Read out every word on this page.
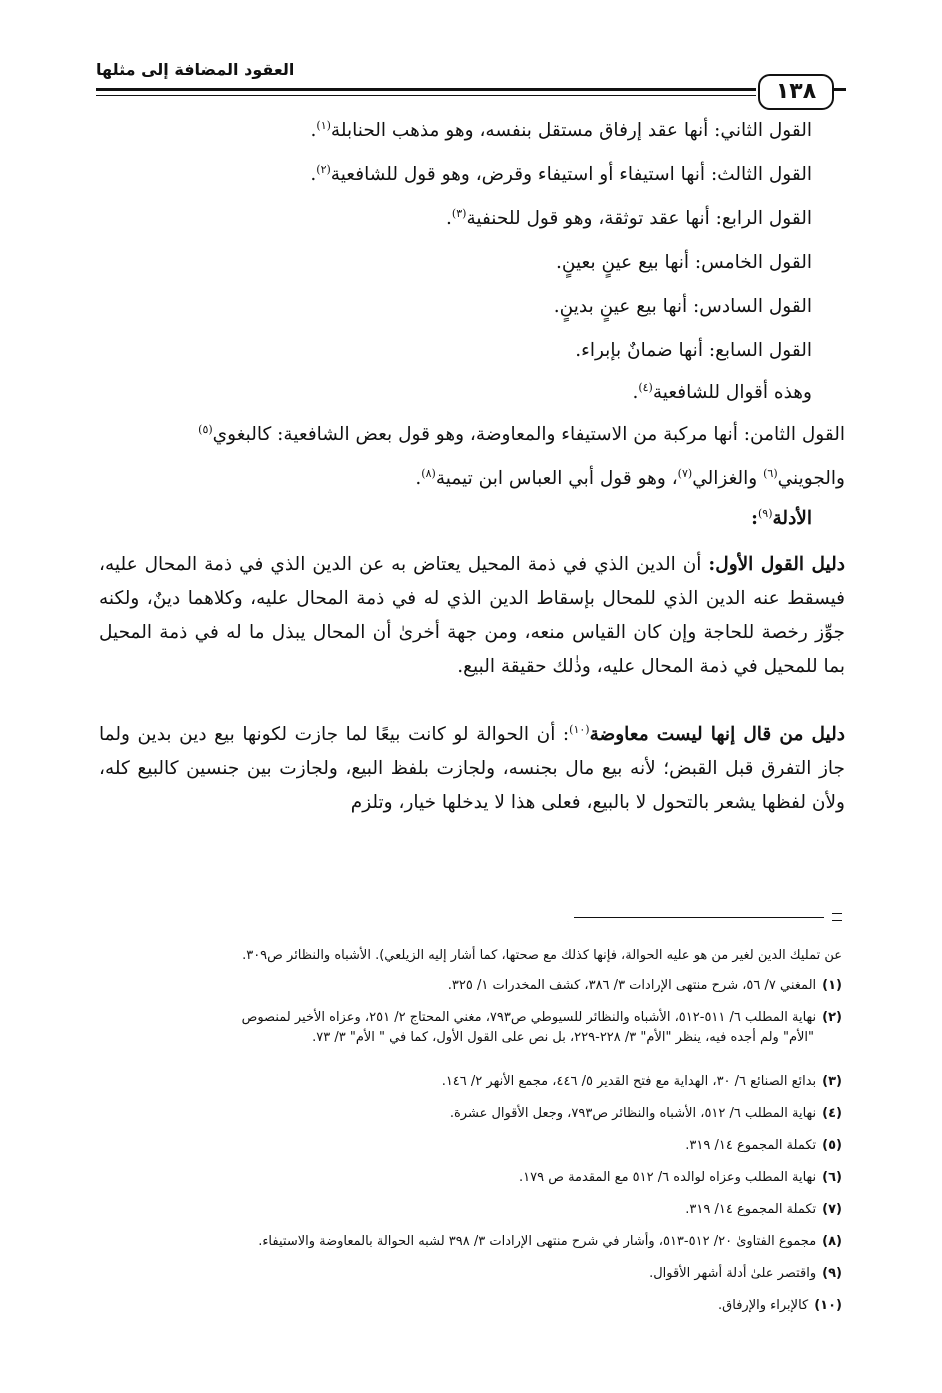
العقود المضافة إلى مثلها
١٣٨
القول الثاني: أنها عقد إرفاق مستقل بنفسه، وهو مذهب الحنابلة$^{(١)}$.
القول الثالث: أنها استيفاء أو استيفاء وقرض، وهو قول للشافعية$^{(٢)}$.
القول الرابع: أنها عقد توثقة، وهو قول للحنفية$^{(٣)}$.
القول الخامس: أنها بيع عينٍ بعينٍ.
القول السادس: أنها بيع عينٍ بدينٍ.
القول السابع: أنها ضمانٌ بإبراء.
وهذه أقوال للشافعية$^{(٤)}$.
القول الثامن: أنها مركبة من الاستيفاء والمعاوضة، وهو قول بعض الشافعية: كالبغوي$^{(٥)}$
والجويني$^{(٦)}$ والغزالي$^{(٧)}$، وهو قول أبي العباس ابن تيمية$^{(٨)}$.
الأدلة$^{(٩)}$:
دليل القول الأول: أن الدين الذي في ذمة المحيل يعتاض به عن الدين الذي في ذمة المحال عليه، فيسقط عنه الدين الذي للمحال بإسقاط الدين الذي له في ذمة المحال عليه، وكلاهما دينٌ، ولكنه جوِّز رخصة للحاجة وإن كان القياس منعه، ومن جهة أخرىٰ أن المحال يبذل ما له في ذمة المحيل بما للمحيل في ذمة المحال عليه، وذٰلك حقيقة البيع.
دليل من قال إنها ليست معاوضة$^{(١٠)}$: أن الحوالة لو كانت بيعًا لما جازت لكونها بيع دين بدين ولما جاز التفرق قبل القبض؛ لأنه بيع مال بجنسه، ولجازت بلفظ البيع، ولجازت بين جنسين كالبيع كله، ولأن لفظها يشعر بالتحول لا بالبيع، فعلى هذا لا يدخلها خيار، وتلزم
عن تمليك الدين لغير من هو عليه الحوالة، فإنها كذلك مع صحتها، كما أشار إليه الزيلعي). الأشباه والنظائر ص٣٠٩.
(١)المغني ٧/ ٥٦، شرح منتهى الإرادات ٣/ ٣٨٦، كشف المخدرات ١/ ٣٢٥.
(٢)نهاية المطلب ٦/ ٥١١-٥١٢، الأشباه والنظائر للسيوطي ص٧٩٣، مغني المحتاج ٢/ ٢٥١، وعزاه الأخير لمنصوص
"الأم" ولم أجده فيه، ينظر "الأم" ٣/ ٢٢٨-٢٢٩، بل نص على القول الأول، كما في " الأم" ٣/ ٧٣.
(٣)بدائع الصنائع ٦/ ٣٠، الهداية مع فتح القدير ٥/ ٤٤٦، مجمع الأنهر ٢/ ١٤٦.
(٤)نهاية المطلب ٦/ ٥١٢، الأشباه والنظائر ص٧٩٣، وجعل الأقوال عشرة.
(٥)تكملة المجموع ١٤/ ٣١٩.
(٦)نهاية المطلب وعزاه لوالده ٦/ ٥١٢ مع المقدمة ص ١٧٩.
(٧)تكملة المجموع ١٤/ ٣١٩.
(٨)مجموع الفتاوىٰ ٢٠/ ٥١٢-٥١٣، وأشار في شرح منتهى الإرادات ٣/ ٣٩٨ لشبه الحوالة بالمعاوضة والاستيفاء.
(٩)واقتصر علىٰ أدلة أشهر الأقوال.
(١٠)كالإبراء والإرفاق.
